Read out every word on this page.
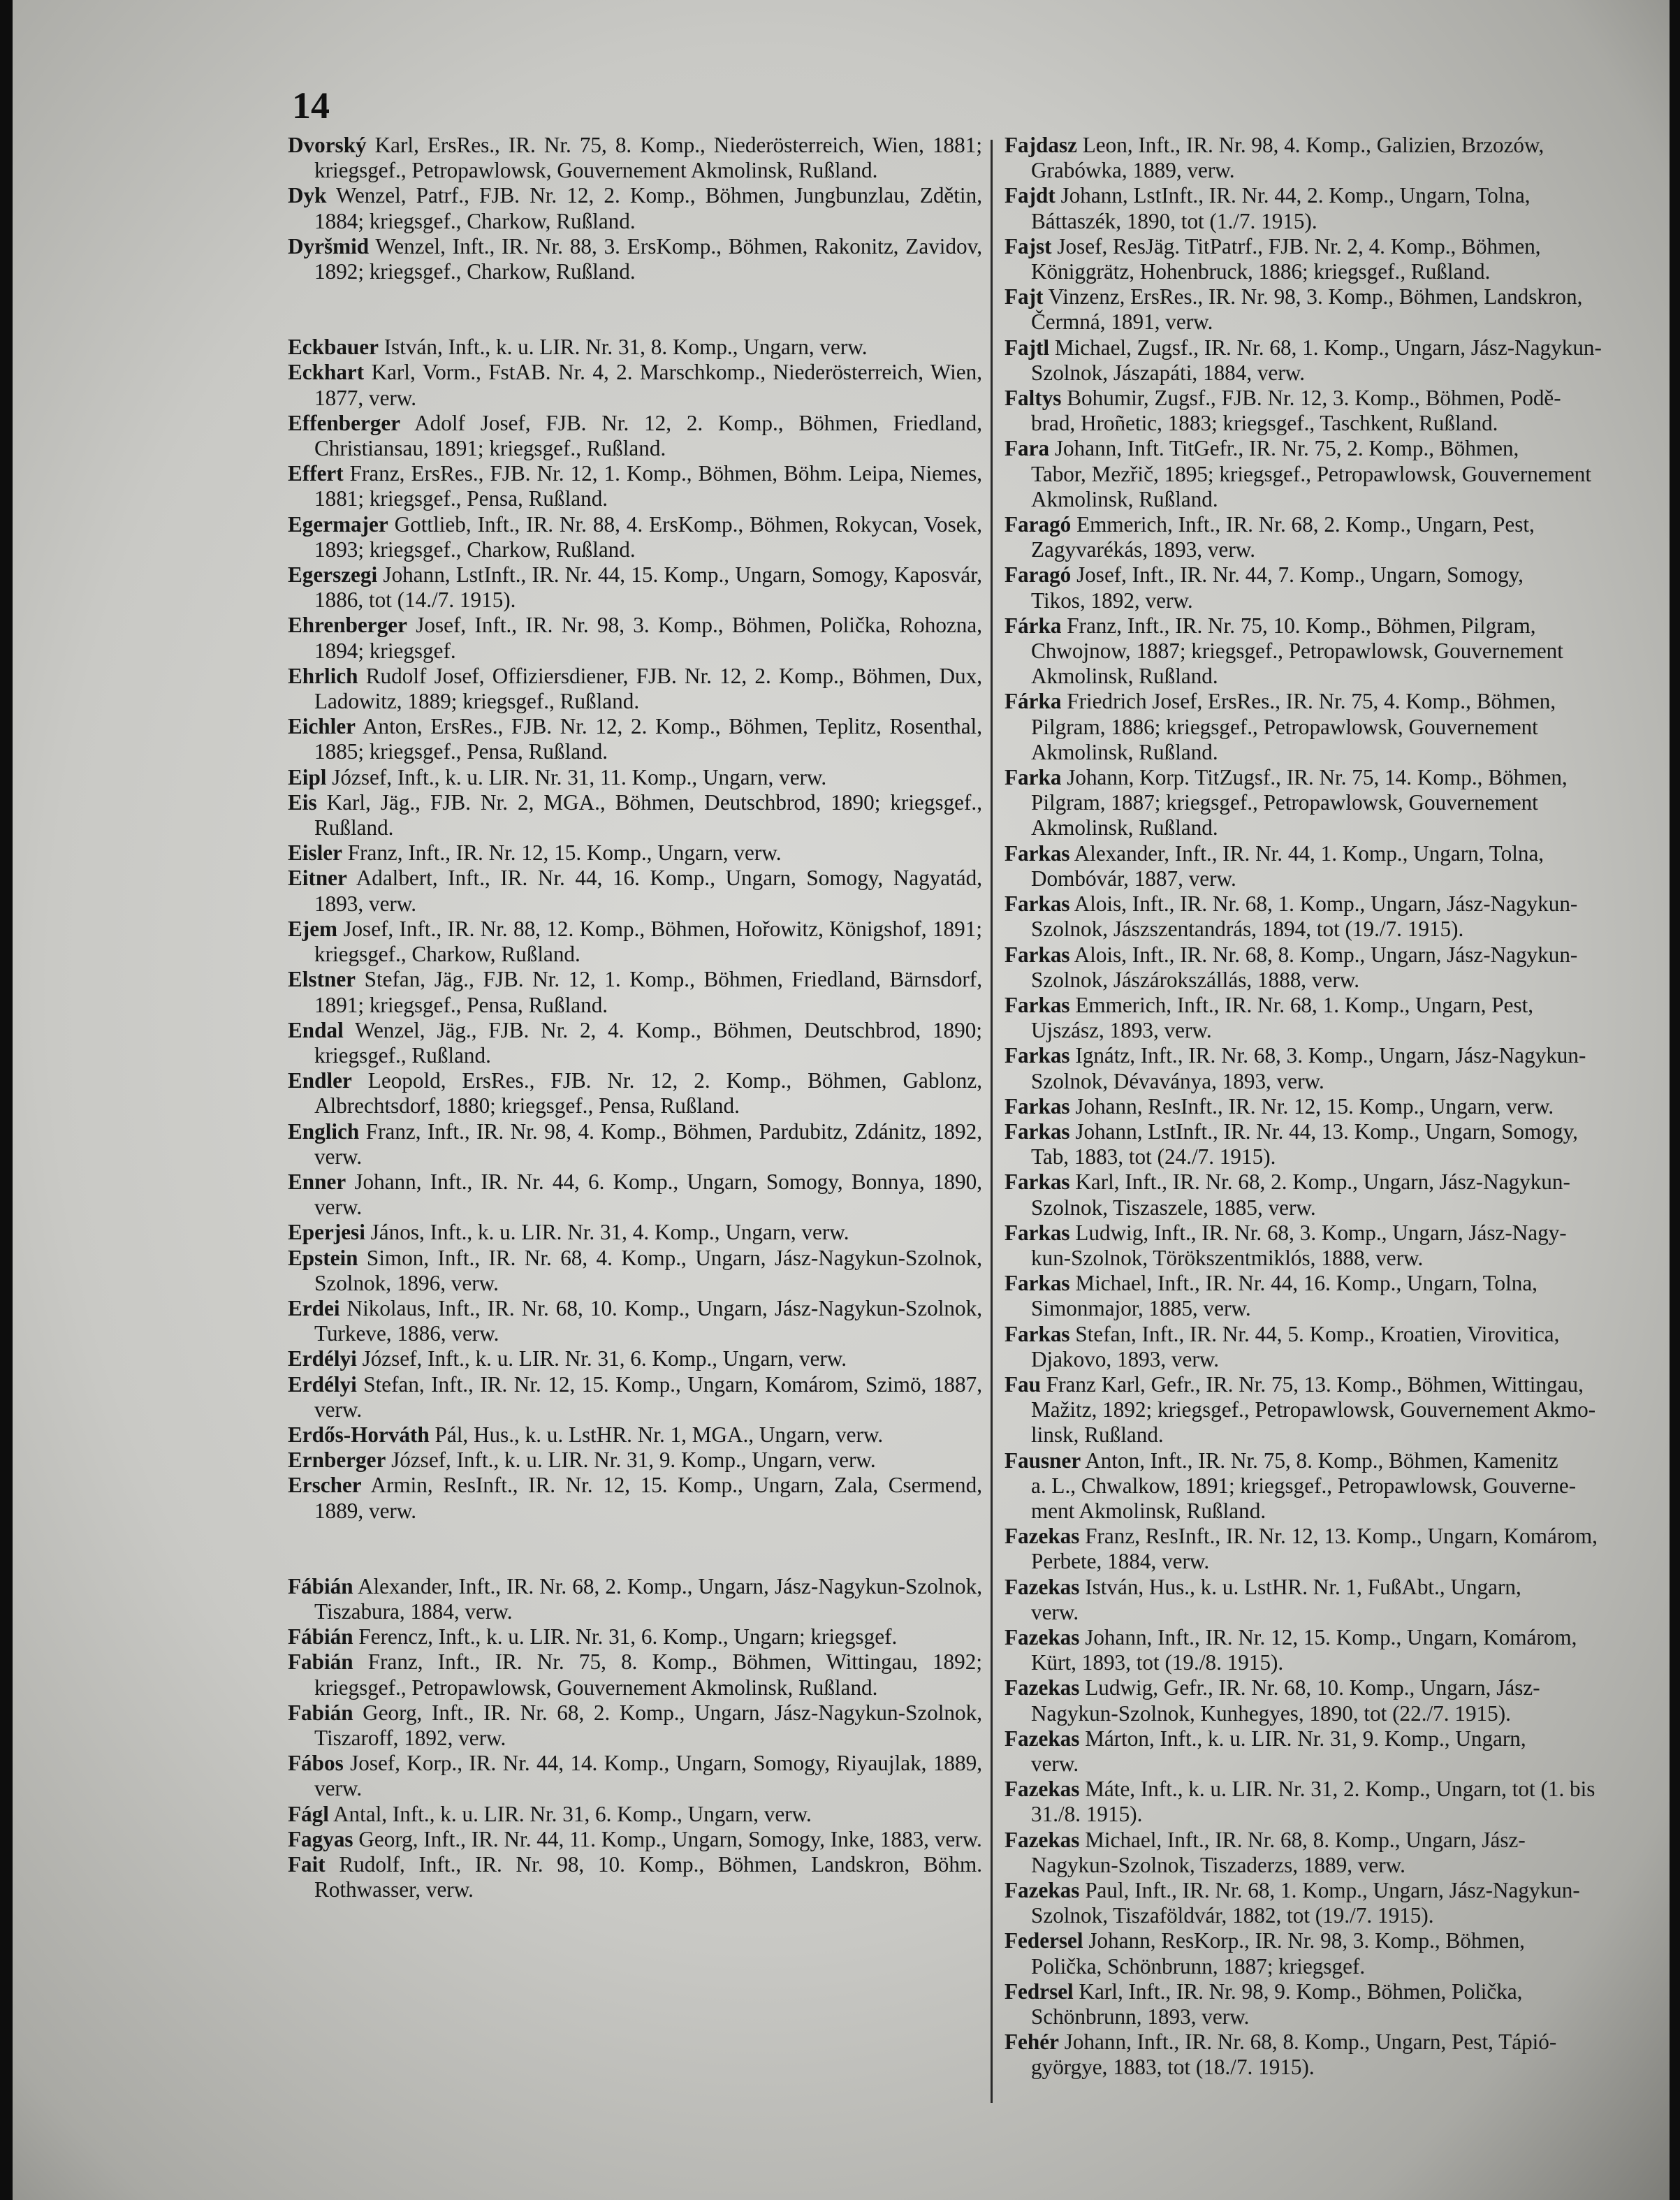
14
Dvorský Karl, ErsRes., IR. Nr. 75, 8. Komp., Niederösterreich, Wien, 1881; kriegsgef., Petropawlowsk, Gouvernement Akmolinsk, Rußland.
Dyk Wenzel, Patrf., FJB. Nr. 12, 2. Komp., Böhmen, Jungbunzlau, Zdětin, 1884; kriegsgef., Charkow, Rußland.
Dyršmid Wenzel, Inft., IR. Nr. 88, 3. ErsKomp., Böhmen, Rakonitz, Zavidov, 1892; kriegsgef., Charkow, Rußland.
Eckbauer István, Inft., k. u. LIR. Nr. 31, 8. Komp., Ungarn, verw.
Eckhart Karl, Vorm., FstAB. Nr. 4, 2. Marschkomp., Niederösterreich, Wien, 1877, verw.
Effenberger Adolf Josef, FJB. Nr. 12, 2. Komp., Böhmen, Friedland, Christiansau, 1891; kriegsgef., Rußland.
Effert Franz, ErsRes., FJB. Nr. 12, 1. Komp., Böhmen, Böhm. Leipa, Niemes, 1881; kriegsgef., Pensa, Rußland.
Egermajer Gottlieb, Inft., IR. Nr. 88, 4. ErsKomp., Böhmen, Rokycan, Vosek, 1893; kriegsgef., Charkow, Rußland.
Egerszegi Johann, LstInft., IR. Nr. 44, 15. Komp., Ungarn, Somogy, Kaposvár, 1886, tot (14./7. 1915).
Ehrenberger Josef, Inft., IR. Nr. 98, 3. Komp., Böhmen, Polička, Rohozna, 1894; kriegsgef.
Ehrlich Rudolf Josef, Offiziersdiener, FJB. Nr. 12, 2. Komp., Böhmen, Dux, Ladowitz, 1889; kriegsgef., Rußland.
Eichler Anton, ErsRes., FJB. Nr. 12, 2. Komp., Böhmen, Teplitz, Rosenthal, 1885; kriegsgef., Pensa, Rußland.
Eipl József, Inft., k. u. LIR. Nr. 31, 11. Komp., Ungarn, verw.
Eis Karl, Jäg., FJB. Nr. 2, MGA., Böhmen, Deutschbrod, 1890; kriegsgef., Rußland.
Eisler Franz, Inft., IR. Nr. 12, 15. Komp., Ungarn, verw.
Eitner Adalbert, Inft., IR. Nr. 44, 16. Komp., Ungarn, Somogy, Nagyatád, 1893, verw.
Ejem Josef, Inft., IR. Nr. 88, 12. Komp., Böhmen, Hořowitz, Königshof, 1891; kriegsgef., Charkow, Rußland.
Elstner Stefan, Jäg., FJB. Nr. 12, 1. Komp., Böhmen, Friedland, Bärnsdorf, 1891; kriegsgef., Pensa, Rußland.
Endal Wenzel, Jäg., FJB. Nr. 2, 4. Komp., Böhmen, Deutschbrod, 1890; kriegsgef., Rußland.
Endler Leopold, ErsRes., FJB. Nr. 12, 2. Komp., Böhmen, Gablonz, Albrechtsdorf, 1880; kriegsgef., Pensa, Rußland.
Englich Franz, Inft., IR. Nr. 98, 4. Komp., Böhmen, Pardubitz, Zdánitz, 1892, verw.
Enner Johann, Inft., IR. Nr. 44, 6. Komp., Ungarn, Somogy, Bonnya, 1890, verw.
Eperjesi János, Inft., k. u. LIR. Nr. 31, 4. Komp., Ungarn, verw.
Epstein Simon, Inft., IR. Nr. 68, 4. Komp., Ungarn, Jász-Nagykun-Szolnok, Szolnok, 1896, verw.
Erdei Nikolaus, Inft., IR. Nr. 68, 10. Komp., Ungarn, Jász-Nagykun-Szolnok, Turkeve, 1886, verw.
Erdélyi József, Inft., k. u. LIR. Nr. 31, 6. Komp., Ungarn, verw.
Erdélyi Stefan, Inft., IR. Nr. 12, 15. Komp., Ungarn, Komárom, Szimö, 1887, verw.
Erdős-Horváth Pál, Hus., k. u. LstHR. Nr. 1, MGA., Ungarn, verw.
Ernberger József, Inft., k. u. LIR. Nr. 31, 9. Komp., Ungarn, verw.
Erscher Armin, ResInft., IR. Nr. 12, 15. Komp., Ungarn, Zala, Csermend, 1889, verw.
Fábián Alexander, Inft., IR. Nr. 68, 2. Komp., Ungarn, Jász-Nagykun-Szolnok, Tiszabura, 1884, verw.
Fábián Ferencz, Inft., k. u. LIR. Nr. 31, 6. Komp., Ungarn; kriegsgef.
Fabián Franz, Inft., IR. Nr. 75, 8. Komp., Böhmen, Wittingau, 1892; kriegsgef., Petropawlowsk, Gouvernement Akmolinsk, Rußland.
Fabián Georg, Inft., IR. Nr. 68, 2. Komp., Ungarn, Jász-Nagykun-Szolnok, Tiszaroff, 1892, verw.
Fábos Josef, Korp., IR. Nr. 44, 14. Komp., Ungarn, Somogy, Riyaujlak, 1889, verw.
Fágl Antal, Inft., k. u. LIR. Nr. 31, 6. Komp., Ungarn, verw.
Fagyas Georg, Inft., IR. Nr. 44, 11. Komp., Ungarn, Somogy, Inke, 1883, verw.
Fait Rudolf, Inft., IR. Nr. 98, 10. Komp., Böhmen, Landskron, Böhm. Rothwasser, verw.
Fajdasz Leon, Inft., IR. Nr. 98, 4. Komp., Galizien, Brzozów,
Grabówka, 1889, verw.
Fajdt Johann, LstInft., IR. Nr. 44, 2. Komp., Ungarn, Tolna,
Báttaszék, 1890, tot (1./7. 1915).
Fajst Josef, ResJäg. TitPatrf., FJB. Nr. 2, 4. Komp., Böhmen,
Königgrätz, Hohenbruck, 1886; kriegsgef., Rußland.
Fajt Vinzenz, ErsRes., IR. Nr. 98, 3. Komp., Böhmen, Landskron,
Čermná, 1891, verw.
Fajtl Michael, Zugsf., IR. Nr. 68, 1. Komp., Ungarn, Jász-Nagykun-
Szolnok, Jászapáti, 1884, verw.
Faltys Bohumir, Zugsf., FJB. Nr. 12, 3. Komp., Böhmen, Podě-
brad, Hroñetic, 1883; kriegsgef., Taschkent, Rußland.
Fara Johann, Inft. TitGefr., IR. Nr. 75, 2. Komp., Böhmen,
Tabor, Mezřič, 1895; kriegsgef., Petropawlowsk, Gouvernement
Akmolinsk, Rußland.
Faragó Emmerich, Inft., IR. Nr. 68, 2. Komp., Ungarn, Pest,
Zagyvarékás, 1893, verw.
Faragó Josef, Inft., IR. Nr. 44, 7. Komp., Ungarn, Somogy,
Tikos, 1892, verw.
Fárka Franz, Inft., IR. Nr. 75, 10. Komp., Böhmen, Pilgram,
Chwojnow, 1887; kriegsgef., Petropawlowsk, Gouvernement
Akmolinsk, Rußland.
Fárka Friedrich Josef, ErsRes., IR. Nr. 75, 4. Komp., Böhmen,
Pilgram, 1886; kriegsgef., Petropawlowsk, Gouvernement
Akmolinsk, Rußland.
Farka Johann, Korp. TitZugsf., IR. Nr. 75, 14. Komp., Böhmen,
Pilgram, 1887; kriegsgef., Petropawlowsk, Gouvernement
Akmolinsk, Rußland.
Farkas Alexander, Inft., IR. Nr. 44, 1. Komp., Ungarn, Tolna,
Dombóvár, 1887, verw.
Farkas Alois, Inft., IR. Nr. 68, 1. Komp., Ungarn, Jász-Nagykun-
Szolnok, Jászszentandrás, 1894, tot (19./7. 1915).
Farkas Alois, Inft., IR. Nr. 68, 8. Komp., Ungarn, Jász-Nagykun-
Szolnok, Jászárokszállás, 1888, verw.
Farkas Emmerich, Inft., IR. Nr. 68, 1. Komp., Ungarn, Pest,
Ujszász, 1893, verw.
Farkas Ignátz, Inft., IR. Nr. 68, 3. Komp., Ungarn, Jász-Nagykun-
Szolnok, Dévaványa, 1893, verw.
Farkas Johann, ResInft., IR. Nr. 12, 15. Komp., Ungarn, verw.
Farkas Johann, LstInft., IR. Nr. 44, 13. Komp., Ungarn, Somogy,
Tab, 1883, tot (24./7. 1915).
Farkas Karl, Inft., IR. Nr. 68, 2. Komp., Ungarn, Jász-Nagykun-
Szolnok, Tiszaszele, 1885, verw.
Farkas Ludwig, Inft., IR. Nr. 68, 3. Komp., Ungarn, Jász-Nagy-
kun-Szolnok, Törökszentmiklós, 1888, verw.
Farkas Michael, Inft., IR. Nr. 44, 16. Komp., Ungarn, Tolna,
Simonmajor, 1885, verw.
Farkas Stefan, Inft., IR. Nr. 44, 5. Komp., Kroatien, Virovitica,
Djakovo, 1893, verw.
Fau Franz Karl, Gefr., IR. Nr. 75, 13. Komp., Böhmen, Wittingau,
Mažitz, 1892; kriegsgef., Petropawlowsk, Gouvernement Akmo-
linsk, Rußland.
Fausner Anton, Inft., IR. Nr. 75, 8. Komp., Böhmen, Kamenitz
a. L., Chwalkow, 1891; kriegsgef., Petropawlowsk, Gouverne-
ment Akmolinsk, Rußland.
Fazekas Franz, ResInft., IR. Nr. 12, 13. Komp., Ungarn, Komárom,
Perbete, 1884, verw.
Fazekas István, Hus., k. u. LstHR. Nr. 1, FußAbt., Ungarn,
verw.
Fazekas Johann, Inft., IR. Nr. 12, 15. Komp., Ungarn, Komárom,
Kürt, 1893, tot (19./8. 1915).
Fazekas Ludwig, Gefr., IR. Nr. 68, 10. Komp., Ungarn, Jász-
Nagykun-Szolnok, Kunhegyes, 1890, tot (22./7. 1915).
Fazekas Márton, Inft., k. u. LIR. Nr. 31, 9. Komp., Ungarn,
verw.
Fazekas Máte, Inft., k. u. LIR. Nr. 31, 2. Komp., Ungarn, tot (1. bis
31./8. 1915).
Fazekas Michael, Inft., IR. Nr. 68, 8. Komp., Ungarn, Jász-
Nagykun-Szolnok, Tiszaderzs, 1889, verw.
Fazekas Paul, Inft., IR. Nr. 68, 1. Komp., Ungarn, Jász-Nagykun-
Szolnok, Tiszaföldvár, 1882, tot (19./7. 1915).
Federsel Johann, ResKorp., IR. Nr. 98, 3. Komp., Böhmen,
Polička, Schönbrunn, 1887; kriegsgef.
Fedrsel Karl, Inft., IR. Nr. 98, 9. Komp., Böhmen, Polička,
Schönbrunn, 1893, verw.
Fehér Johann, Inft., IR. Nr. 68, 8. Komp., Ungarn, Pest, Tápió-
györgye, 1883, tot (18./7. 1915).
